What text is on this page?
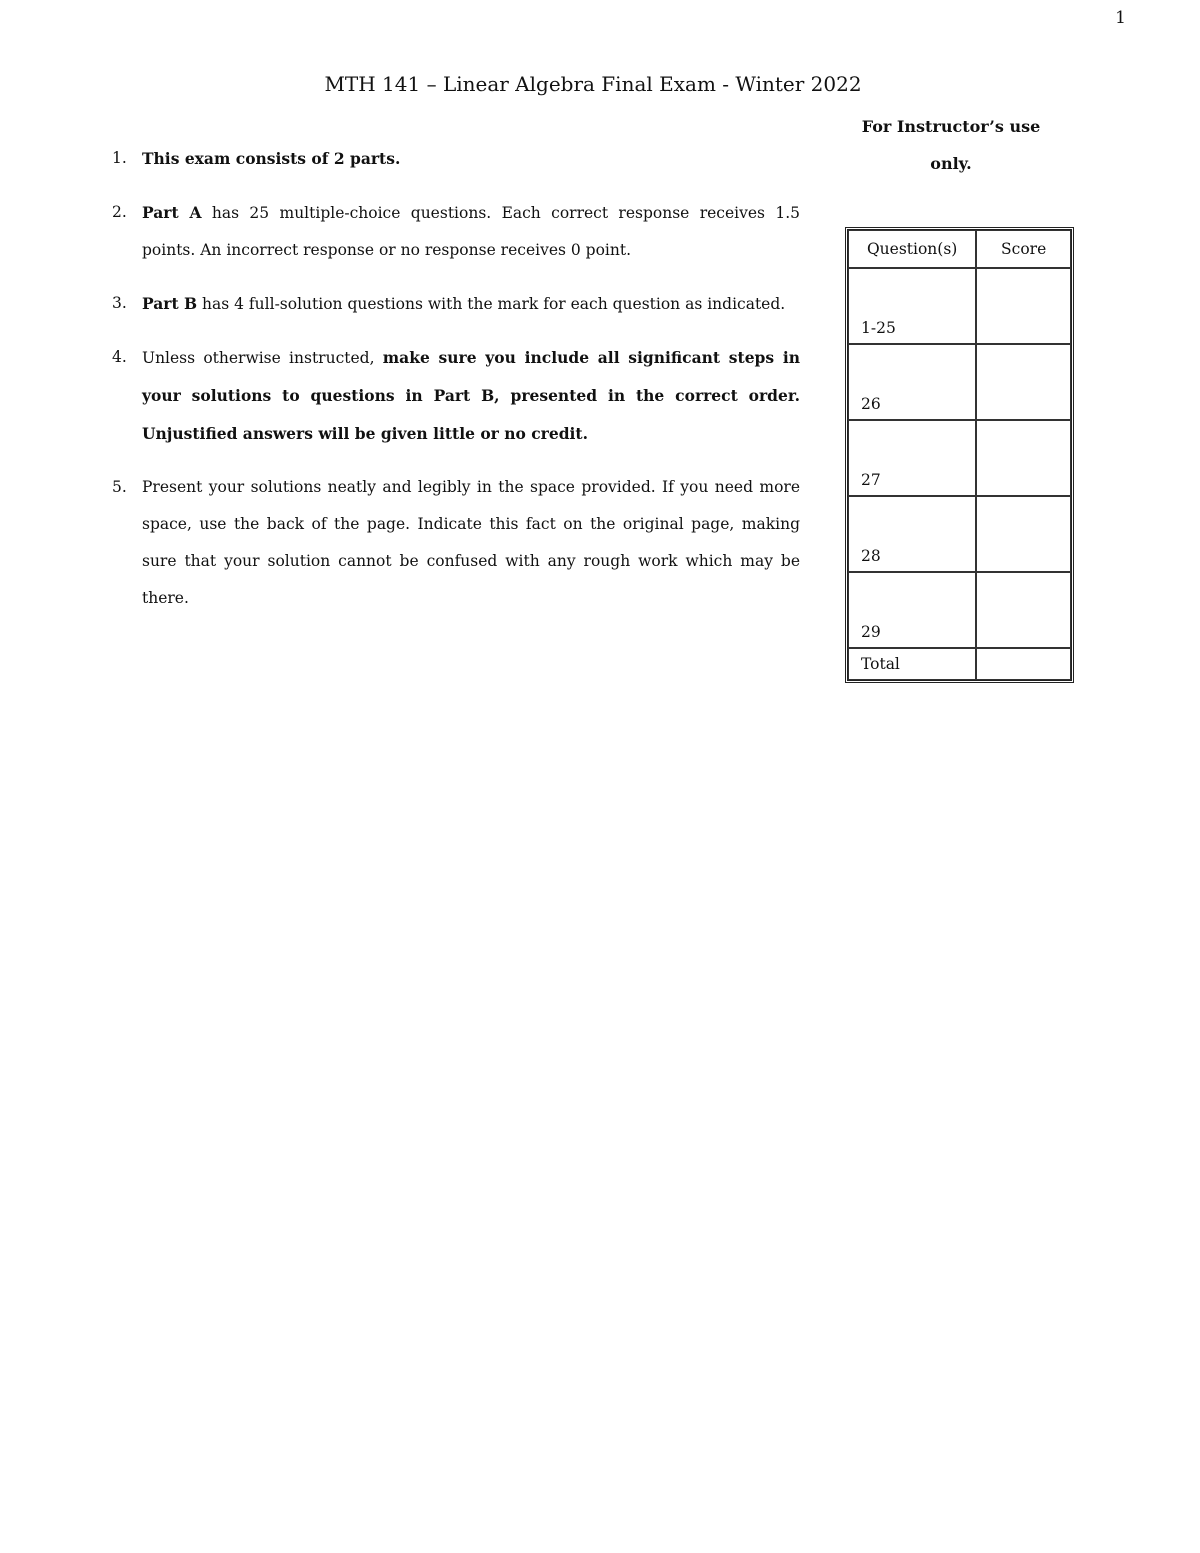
1
MTH 141 – Linear Algebra Final Exam - Winter 2022
For Instructor’s use only.
1. This exam consists of 2 parts.
2. Part A has 25 multiple-choice questions. Each correct response receives 1.5 points. An incorrect response or no response receives 0 point.
3. Part B has 4 full-solution questions with the mark for each question as indicated.
4. Unless otherwise instructed, make sure you include all significant steps in your solutions to questions in Part B, presented in the correct order. Unjustified answers will be given little or no credit.
5. Present your solutions neatly and legibly in the space provided. If you need more space, use the back of the page. Indicate this fact on the original page, making sure that your solution cannot be confused with any rough work which may be there.
Question(s)	Score
1-25	
26	
27	
28	
29	
Total	
